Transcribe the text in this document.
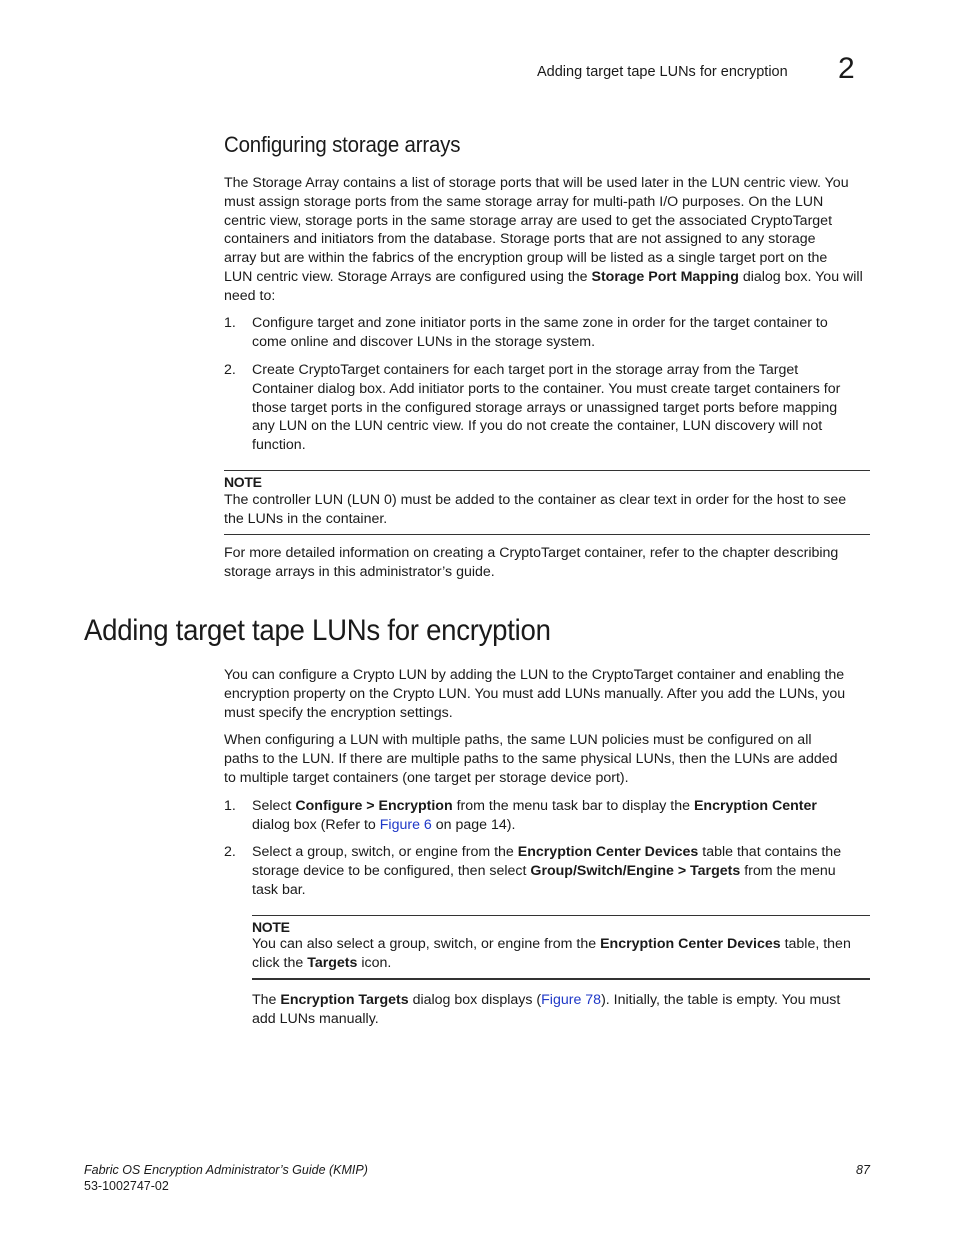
Adding target tape LUNs for encryption 2
Configuring storage arrays
The Storage Array contains a list of storage ports that will be used later in the LUN centric view. You
must assign storage ports from the same storage array for multi-path I/O purposes. On the LUN
centric view, storage ports in the same storage array are used to get the associated CryptoTarget
containers and initiators from the database. Storage ports that are not assigned to any storage
array but are within the fabrics of the encryption group will be listed as a single target port on the
LUN centric view. Storage Arrays are configured using the Storage Port Mapping dialog box. You will
need to:
1.	Configure target and zone initiator ports in the same zone in order for the target container to
come online and discover LUNs in the storage system.
2.	Create CryptoTarget containers for each target port in the storage array from the Target
Container dialog box. Add initiator ports to the container. You must create target containers for
those target ports in the configured storage arrays or unassigned target ports before mapping
any LUN on the LUN centric view. If you do not create the container, LUN discovery will not
function.
NOTE
The controller LUN (LUN 0) must be added to the container as clear text in order for the host to see
the LUNs in the container.
For more detailed information on creating a CryptoTarget container, refer to the chapter describing
storage arrays in this administrator’s guide.
Adding target tape LUNs for encryption
You can configure a Crypto LUN by adding the LUN to the CryptoTarget container and enabling the
encryption property on the Crypto LUN. You must add LUNs manually. After you add the LUNs, you
must specify the encryption settings.
When configuring a LUN with multiple paths, the same LUN policies must be configured on all
paths to the LUN. If there are multiple paths to the same physical LUNs, then the LUNs are added
to multiple target containers (one target per storage device port).
1.	Select Configure > Encryption from the menu task bar to display the Encryption Center
dialog box (Refer to Figure 6 on page 14).
2.	Select a group, switch, or engine from the Encryption Center Devices table that contains the
storage device to be configured, then select Group/Switch/Engine > Targets from the menu
task bar.
NOTE
You can also select a group, switch, or engine from the Encryption Center Devices table, then
click the Targets icon.
The Encryption Targets dialog box displays (Figure 78). Initially, the table is empty. You must
add LUNs manually.
Fabric OS Encryption Administrator’s Guide (KMIP)
53-1002747-02
87
